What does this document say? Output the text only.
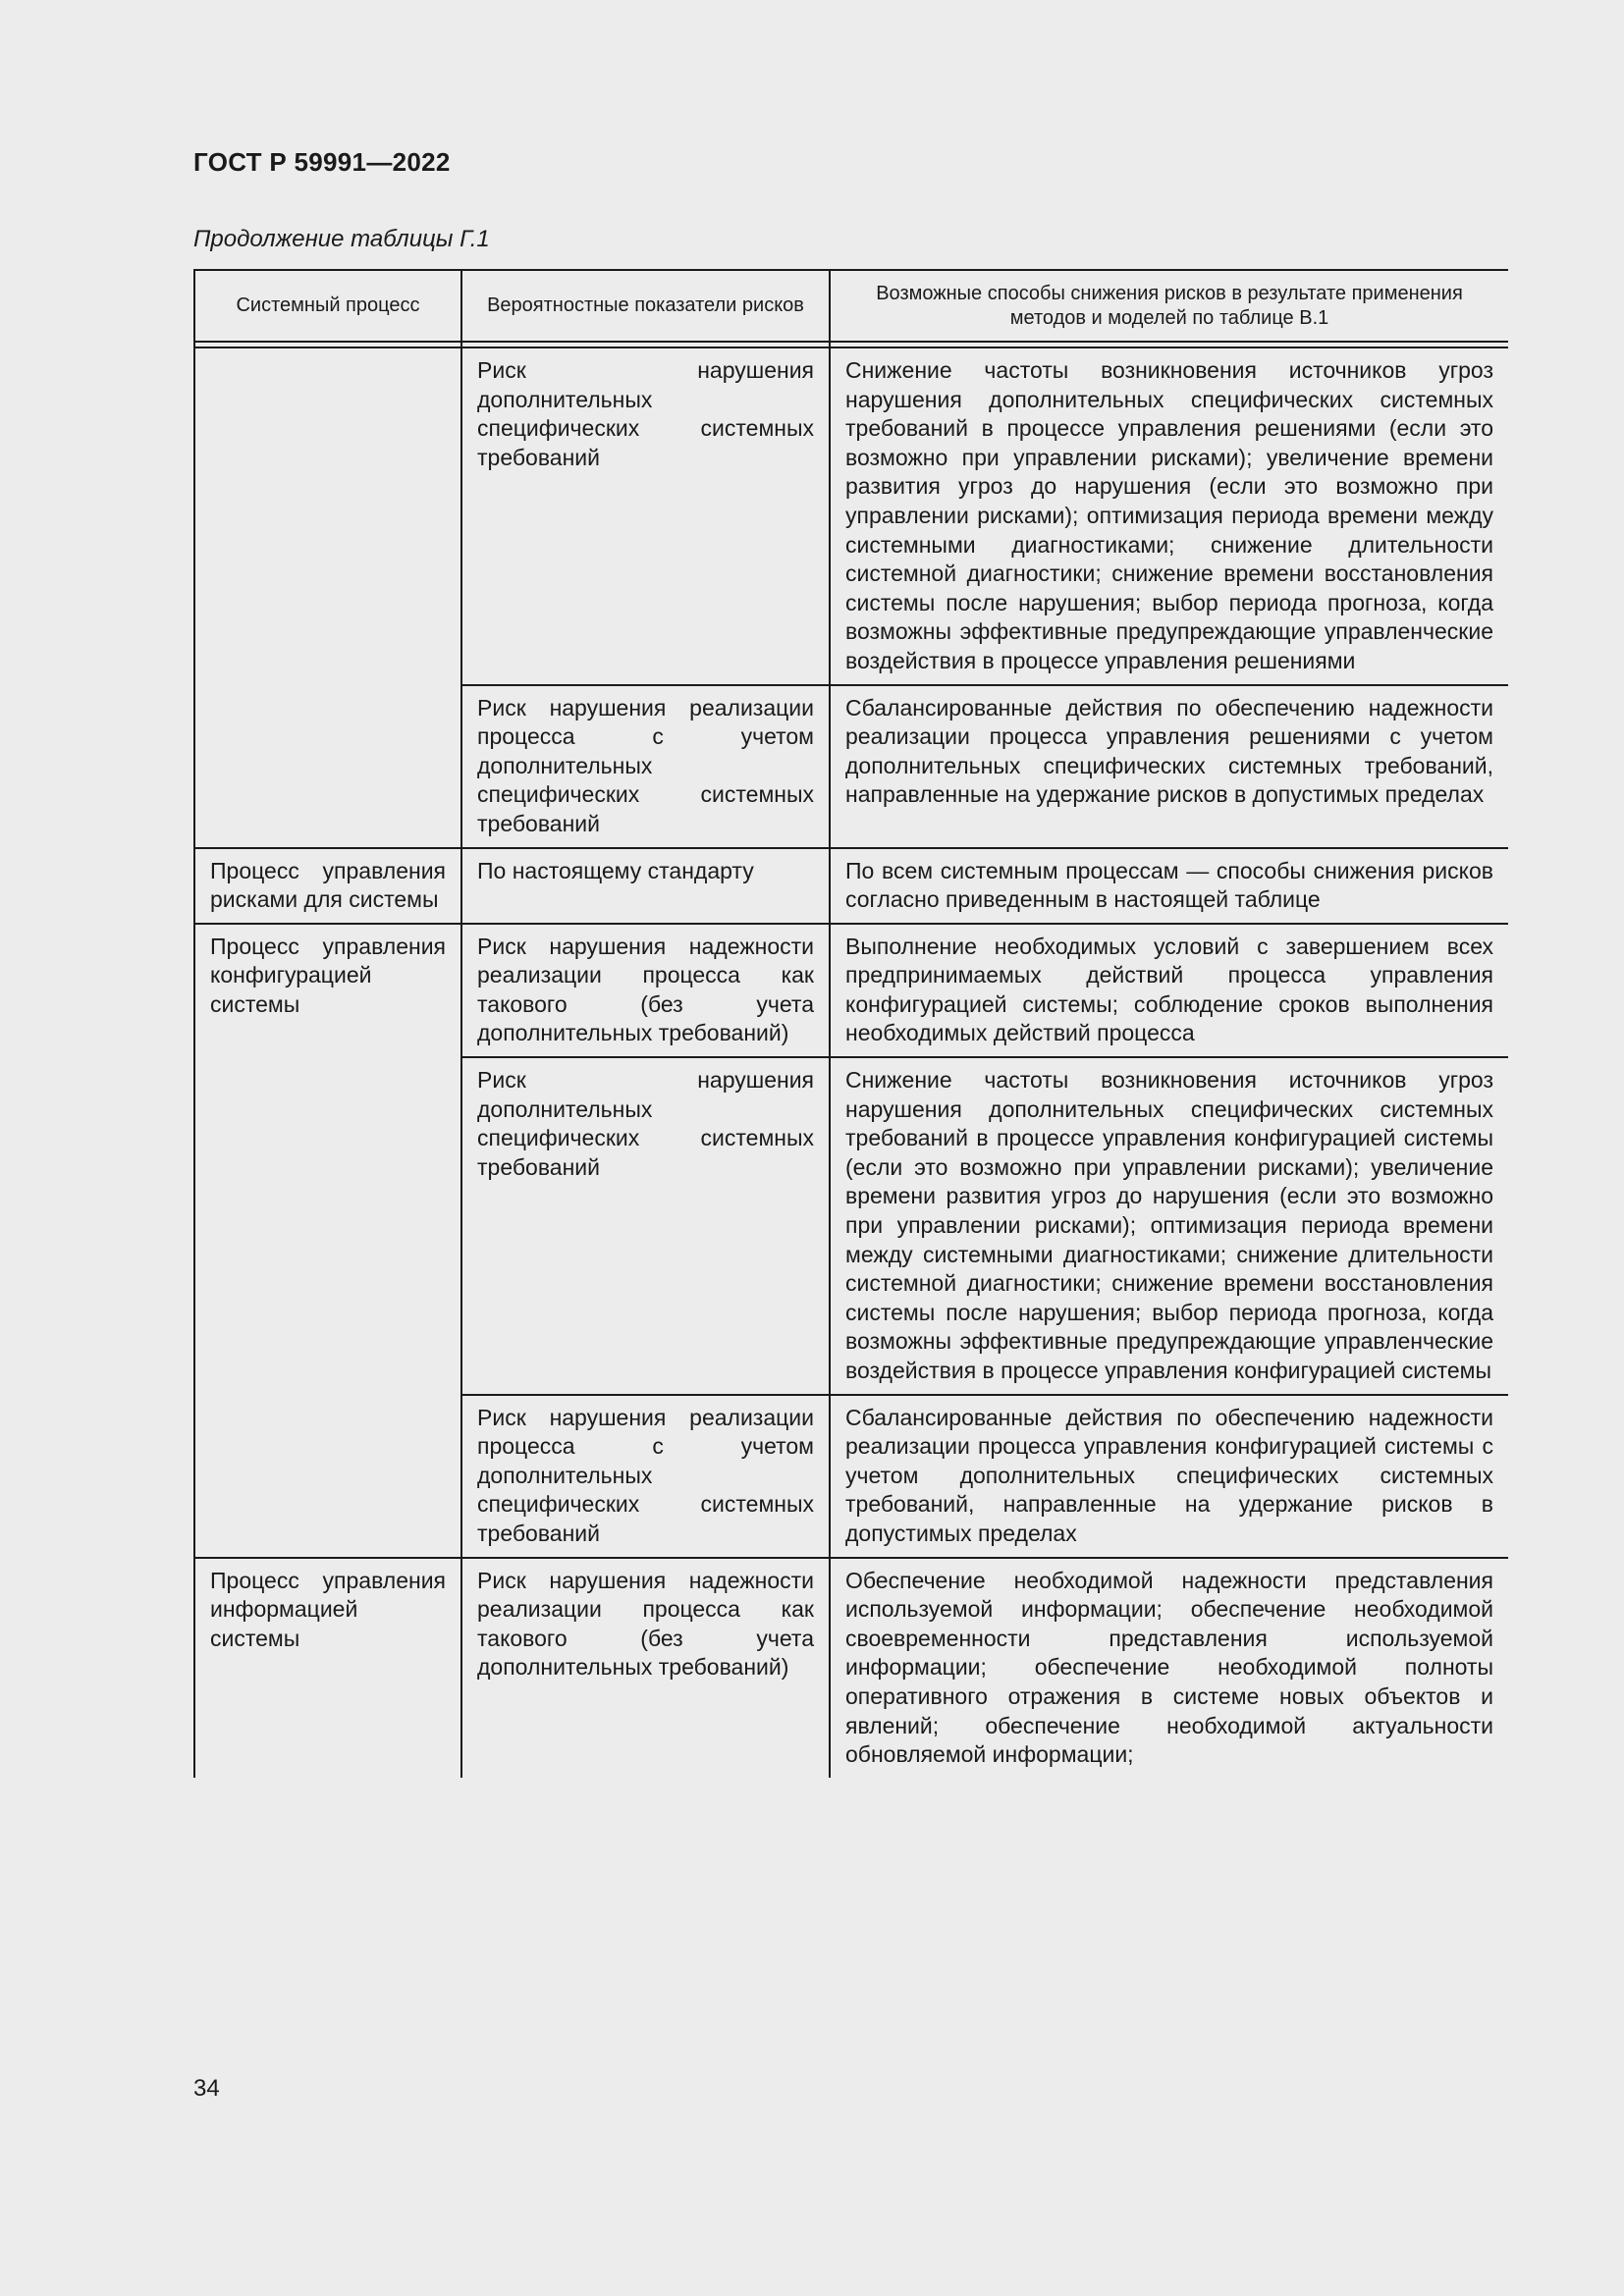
ГОСТ Р 59991—2022
Продолжение таблицы Г.1
Системный процесс	Вероятностные показатели рисков	Возможные способы снижения рисков в результате применения методов и моделей по таблице В.1

	Риск нарушения дополнительных специфических системных требований	Снижение частоты возникновения источников угроз нарушения дополнительных специфических системных требований в процессе управления решениями (если это возможно при управлении рисками); увеличение времени развития угроз до нарушения (если это возможно при управлении рисками); оптимизация периода времени между системными диагностиками; снижение длительности системной диагностики; снижение времени восстановления системы после нарушения; выбор периода прогноза, когда возможны эффективные предупреждающие управленческие воздействия в процессе управления решениями
	Риск нарушения реализации процесса с учетом дополнительных специфических системных требований	Сбалансированные действия по обеспечению надежности реализации процесса управления решениями с учетом дополнительных специфических системных требований, направленные на удержание рисков в допустимых пределах
Процесс управления рисками для системы	По настоящему стандарту	По всем системным процессам — способы снижения рисков согласно приведенным в настоящей таблице
Процесс управления конфигурацией системы	Риск нарушения надежности реализации процесса как такового (без учета дополнительных требований)	Выполнение необходимых условий с завершением всех предпринимаемых действий процесса управления конфигурацией системы; соблюдение сроков выполнения необходимых действий процесса
	Риск нарушения дополнительных специфических системных требований	Снижение частоты возникновения источников угроз нарушения дополнительных специфических системных требований в процессе управления конфигурацией системы (если это возможно при управлении рисками); увеличение времени развития угроз до нарушения (если это возможно при управлении рисками); оптимизация периода времени между системными диагностиками; снижение длительности системной диагностики; снижение времени восстановления системы после нарушения; выбор периода прогноза, когда возможны эффективные предупреждающие управленческие воздействия в процессе управления конфигурацией системы
	Риск нарушения реализации процесса с учетом дополнительных специфических системных требований	Сбалансированные действия по обеспечению надежности реализации процесса управления конфигурацией системы с учетом дополнительных специфических системных требований, направленные на удержание рисков в допустимых пределах
Процесс управления информацией системы	Риск нарушения надежности реализации процесса как такового (без учета дополнительных требований)	Обеспечение необходимой надежности представления используемой информации; обеспечение необходимой своевременности представления используемой информации; обеспечение необходимой полноты оперативного отражения в системе новых объектов и явлений; обеспечение необходимой актуальности обновляемой информации;
34
